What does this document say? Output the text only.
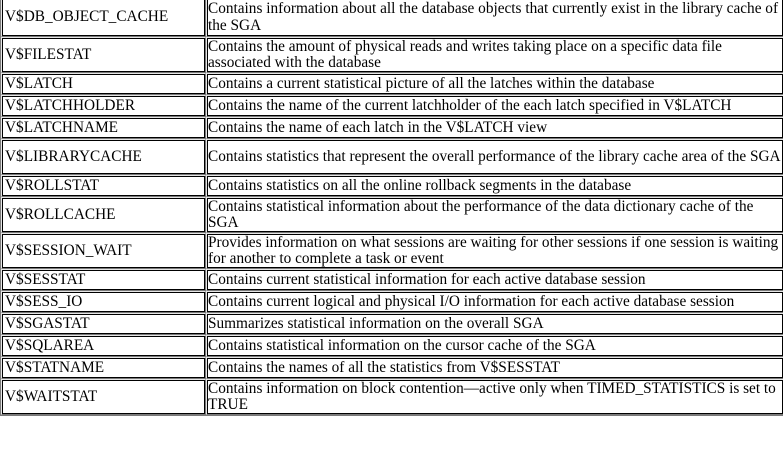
V$DB_OBJECT_CACHE	Contains information about all the database objects that currently exist in the library cache of the SGA
V$FILESTAT	Contains the amount of physical reads and writes taking place on a specific data file associated with the database
V$LATCH	Contains a current statistical picture of all the latches within the database
V$LATCHHOLDER	Contains the name of the current latchholder of the each latch specified in V$LATCH
V$LATCHNAME	Contains the name of each latch in the V$LATCH view
V$LIBRARYCACHE	Contains statistics that represent the overall performance of the library cache area of the SGA
V$ROLLSTAT	Contains statistics on all the online rollback segments in the database
V$ROLLCACHE	Contains statistical information about the performance of the data dictionary cache of the SGA
V$SESSION_WAIT	Provides information on what sessions are waiting for other sessions if one session is waiting for another to complete a task or event
V$SESSTAT	Contains current statistical information for each active database session
V$SESS_IO	Contains current logical and physical I/O information for each active database session
V$SGASTAT	Summarizes statistical information on the overall SGA
V$SQLAREA	Contains statistical information on the cursor cache of the SGA
V$STATNAME	Contains the names of all the statistics from V$SESSTAT
V$WAITSTAT	Contains information on block contention—active only when TIMED_STATISTICS is set to TRUE
